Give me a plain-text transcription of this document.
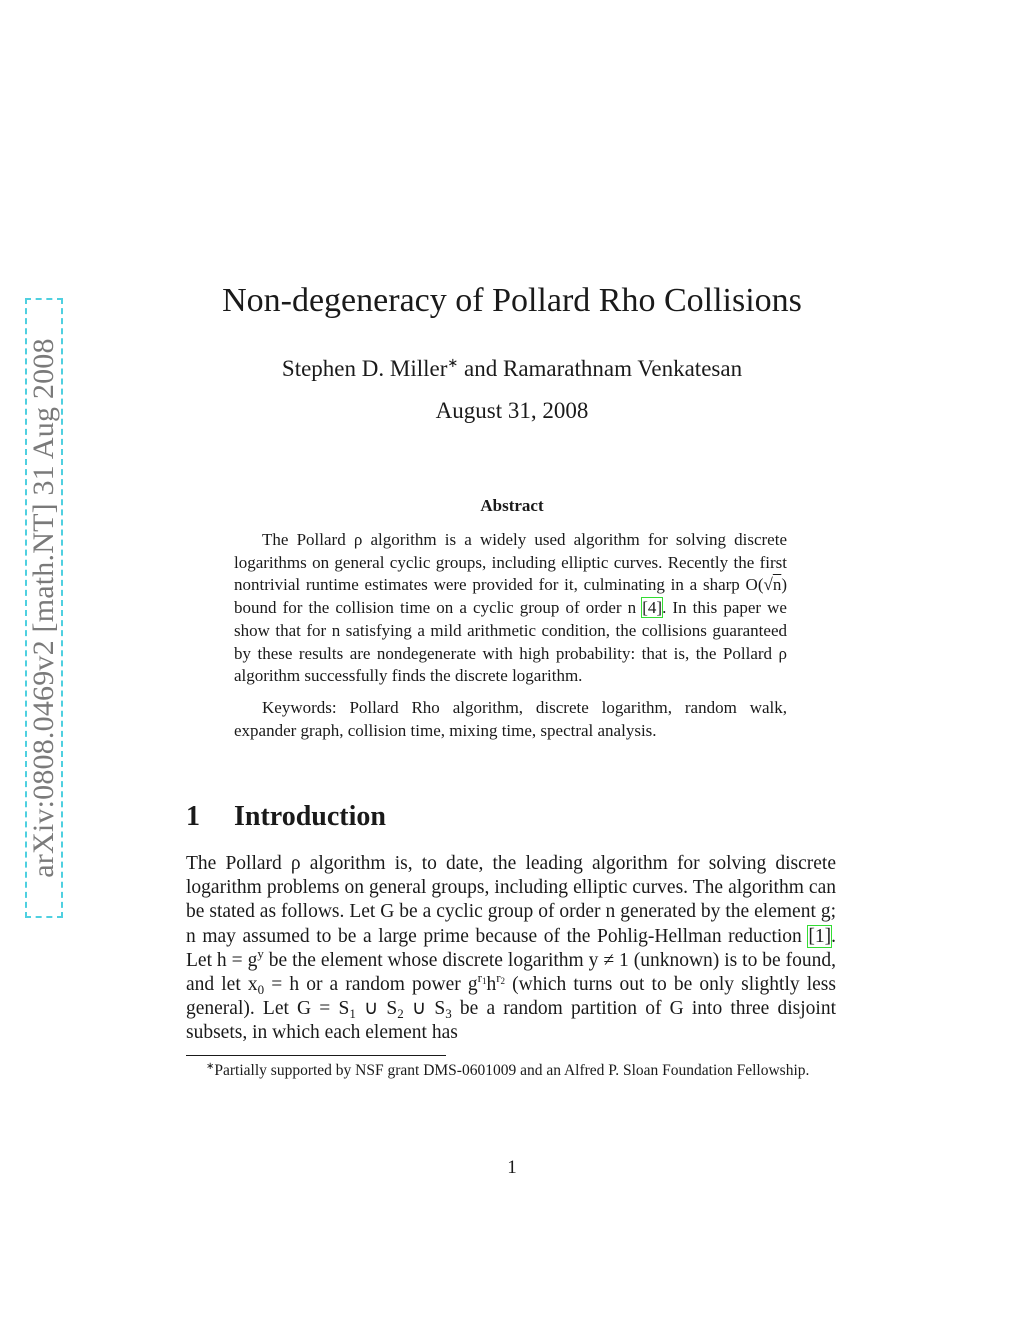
arXiv:0808.0469v2 [math.NT] 31 Aug 2008
Non-degeneracy of Pollard Rho Collisions
Stephen D. Miller∗ and Ramarathnam Venkatesan
August 31, 2008
Abstract

The Pollard ρ algorithm is a widely used algorithm for solving discrete logarithms on general cyclic groups, including elliptic curves. Recently the first nontrivial runtime estimates were provided for it, culminating in a sharp O(√n) bound for the collision time on a cyclic group of order n [4]. In this paper we show that for n satisfying a mild arithmetic condition, the collisions guaranteed by these results are nondegenerate with high probability: that is, the Pollard ρ algorithm successfully finds the discrete logarithm.

Keywords: Pollard Rho algorithm, discrete logarithm, random walk, expander graph, collision time, mixing time, spectral analysis.

1 Introduction

The Pollard ρ algorithm is, to date, the leading algorithm for solving discrete logarithm problems on general groups, including elliptic curves. The algorithm can be stated as follows. Let G be a cyclic group of order n generated by the element g; n may assumed to be a large prime because of the Pohlig-Hellman reduction [1]. Let $h = g^y$ be the element whose discrete logarithm y ≠ 1 (unknown) is to be found, and let $x_0 = h$ or a random power $g^{r_1}h^{r_2}$ (which turns out to be only slightly less general). Let $G = S_1$ ∪ $S_2$ ∪ $S_3$ be a random partition of G into three disjoint subsets, in which each element has

∗Partially supported by NSF grant DMS-0601009 and an Alfred P. Sloan Foundation Fellowship.

1
